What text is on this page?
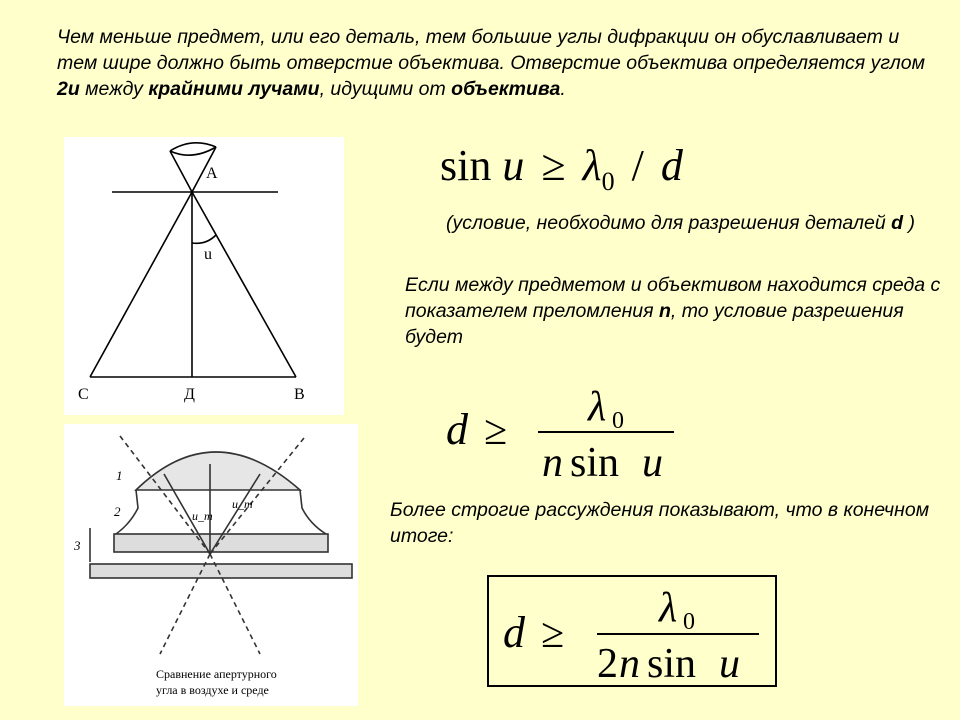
Чем меньше предмет, или его деталь, тем большие углы дифракции он обуславливает и тем шире должно быть отверстие объектива. Отверстие объектива определяется углом 2u между крайними лучами, идущими от объектива.
$\sin u \ge \lambda_0 / d$
(условие, необходимо для разрешения деталей d )
Если между предметом и объективом находится среда с показателем преломления n, то условие разрешения будет
d ≥
λ 0
n sin u
Более строгие рассуждения показывают, что в конечном итоге:
d ≥
λ 0
2 n sin u
A
u
C	Д	B
1
2
3
u_m
u_m
Сравнение апертурного
угла в воздухе и среде
